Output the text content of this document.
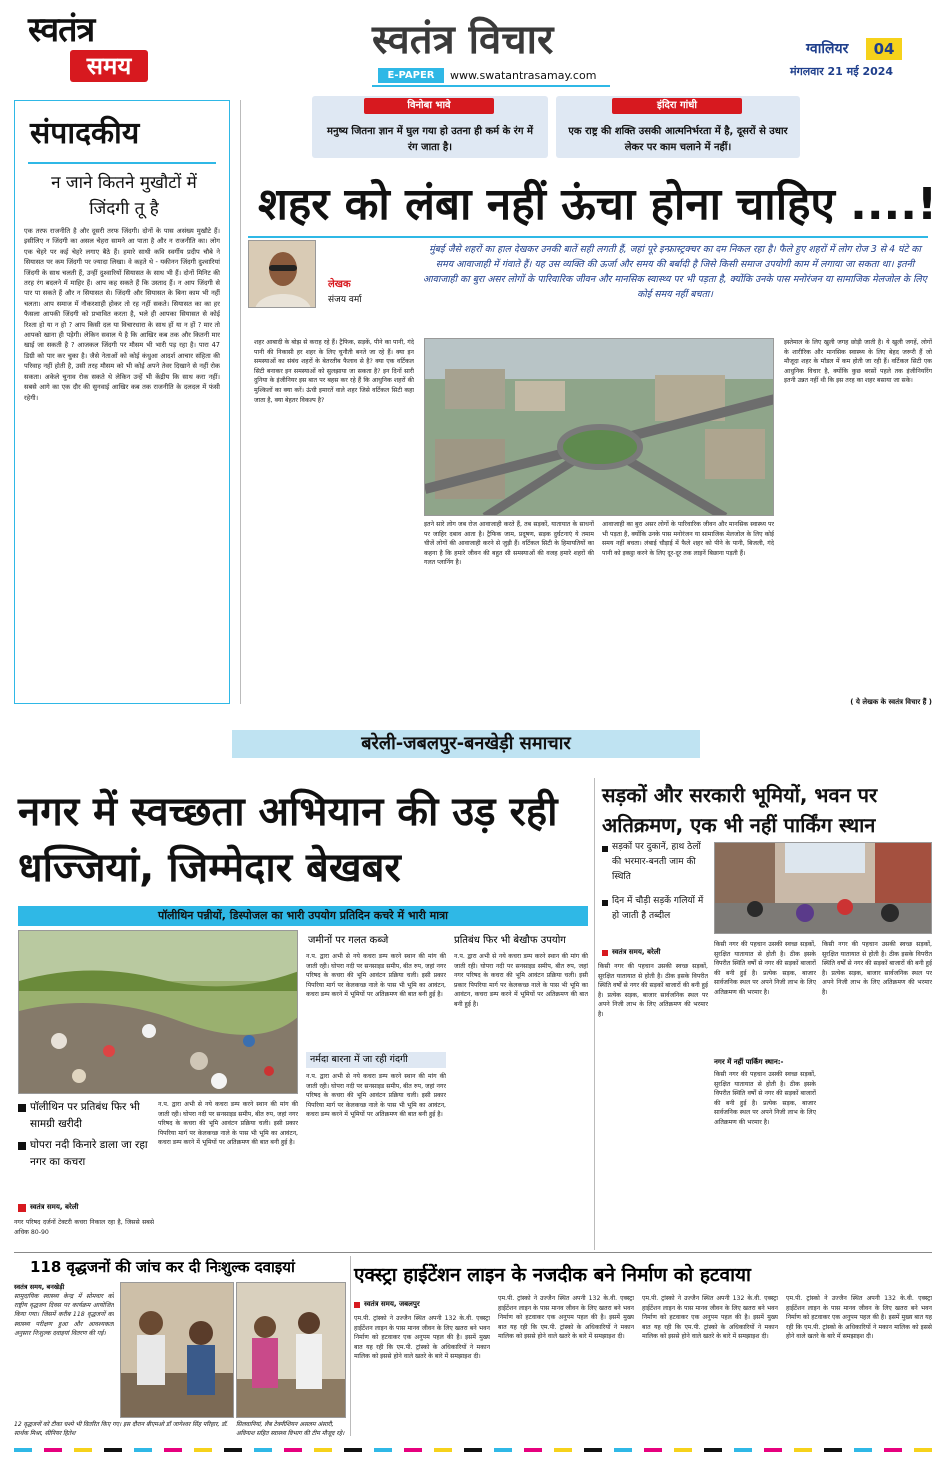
स्वतंत्र
समय
स्वतंत्र विचार
E-PAPER	www.swatantrasamay.com
ग्वालियर	04
मंगलवार 21 मई 2024
विनोबा भावे
मनुष्य जितना ज्ञान में घुल गया हो उतना ही कर्म के रंग में रंग जाता है।
इंदिरा गांधी
एक राष्ट्र की शक्ति उसकी आत्मनिर्भरता में है, दूसरों से उधार लेकर पर काम चलाने में नहीं।
संपादकीय
न जाने कितने मुखौटों में जिंदगी तू है
एक तरफ राजनीति है और दूसरी तरफ जिंदगी। दोनों के पास असंख्य मुखौटे हैं। इसीलिए न जिंदगी का असल चेहरा सामने आ पाता है और न राजनीति का। लोग एक चेहरे पर कई चेहरे लगाए बैठे हैं। हमारे साथी कवि स्वर्गीय प्रदीप चौबे ने सियासत पर कम जिंदगी पर ज्यादा लिखा। वे कहते थे - यकीनन जिंदगी दुश्वारियां जिंदगी के साथ चलती हैं, उन्हीं दुश्वारियों सियासत के साथ भी हैं। दोनों मिनिट की तरह रंग बदलने में माहिर हैं। आप कह सकते हैं कि उस्ताद हैं। न आप जिंदगी से पार पा सकते हैं और न सियासत से। जिंदगी और सियासत के बिना काम भी नहीं चलता। आप समाज में नौकरशाही होकर तो रह नहीं सकते। सियासत का का हर फैसला आपकी जिंदगी को प्रभावित करता है, भले ही आपका सियासत से कोई रिश्ता हो या न हो ? आप किसी दल या विचारधारा के साथ हों या न हों ? मार तो आपको खाना ही पड़ेगी। लेकिन सवाल ये है कि आखिर कब तक और कितनी मार खाई जा सकती है ? आजकल जिंदगी पर मौसम भी भारी पड़ रहा है। पारा 47 डिग्री को पार कर चुका है। जैसे नेताओं को कोई कंधुआ आदर्श आचार संहिता की परिवाह नहीं होती है, उसी तरह मौसम को भी कोई अपने तेवर दिखाने से नहीं रोक सकता। अकेले चुनाव रोक सकते थे लेकिन उन्हें भी केंद्रीय कि साथ करा नहीं। सबसे आगे का एक दौर की सुनवाई आखिर कब तक राजनीति के दलदल में फंसी रहेगी।
शहर को लंबा नहीं ऊंचा होना चाहिए ....!
लेखक
संजय वर्मा
मुंबई जैसे शहरों का हाल देखकर उनकी बातें सही लगती हैं, जहां पूरे इन्फ्रास्ट्रक्चर का दम निकल रहा है। फैले हुए शहरों में लोग रोज 3 से 4 घंटे का समय आवाजाही में गंवाते हैं। यह उस व्यक्ति की ऊर्जा और समय की बर्बादी है जिसे किसी समाज उपयोगी काम में लगाया जा सकता था। इतनी आवाजाही का बुरा असर लोगों के पारिवारिक जीवन और मानसिक स्वास्थ्य पर भी पड़ता है, क्योंकि उनके पास मनोरंजन या सामाजिक मेलजोल के लिए कोई समय नहीं बचता।
शहर आबादी के बोझ से कराह रहे हैं। ट्रैफिक, सड़कें, पीने का पानी, गंदे पानी की निकासी हर शहर के लिए चुनौती बनते जा रहे हैं। क्या इन समस्याओं का संबंध शहरों के बेतरतीब फैलाव से है? क्या एक वर्टिकल सिटी बनाकर इन समस्याओं को सुलझाया जा सकता है? इन दिनों सारी दुनिया के इंजीनियर इस बात पर बहस कर रहे हैं कि आधुनिक शहरों की मुश्किलों का क्या करें। ऊंची इमारतें वाले शहर जिसे वर्टिकल सिटी कहा जाता है, क्या बेहतर विकल्प है?
इतने सारे लोग जब रोज आवाजाही करते हैं, तब सड़कों, यातायात के साधनों पर जाहिर दबाव आता है। ट्रैफिक जाम, प्रदूषण, सड़क दुर्घटनाएं ये तमाम चीजें लोगों की आवाजाही करने से जुड़ी हैं। वर्टिकल सिटी के हिमायतियों का कहना है कि हमारे जीवन की बहुत सी समस्याओं की वजह हमारे शहरों की गलत प्लानिंग है।
आवाजाही का बुरा असर लोगों के पारिवारिक जीवन और मानसिक स्वास्थ्य पर भी पड़ता है, क्योंकि उनके पास मनोरंजन या सामाजिक मेलजोल के लिए कोई समय नहीं बचता। लंबाई चौड़ाई में फैले शहर को पीने के पानी, बिजली, गंदे पानी को इकट्ठा करने के लिए दूर-दूर तक लाइनें बिछाना पड़ती हैं।
इस्तेमाल के लिए खुली जगह छोड़ी जाती है। ये खुली जगहें, लोगों के शारीरिक और मानसिक स्वास्थ्य के लिए बेहद जरूरी हैं जो मौजूदा शहर के मॉडल में कम होती जा रही हैं। वर्टिकल सिटी एक आधुनिक विचार है, क्योंकि कुछ बरसों पहले तक इंजीनियरिंग इतनी उन्नत नहीं थी कि इस तरह का शहर बसाया जा सके।
( ये लेखक के स्वतंत्र विचार हैं )
बरेली-जबलपुर-बनखेड़ी समाचार
नगर में स्वच्छता अभियान की उड़ रही धज्जियां, जिम्मेदार बेखबर
पॉलीथिन पन्नीयों, डिस्पोजल का भारी उपयोग प्रतिदिन कचरे में भारी मात्रा
पॉलीथिन पर प्रतिबंध फिर भी सामग्री खरीदी
घोपरा नदी किनारे डाला जा रहा नगर का कचरा
स्वतंत्र समय, बरेली
नगर परिषद दर्जनों टेक्टरी कचरा निकाल रहा है, जिससे सबसे अधिक 80-90
न.प. द्वारा अभी से नये कचरा डम्प करने स्थान की मांग की जाती रही। घोपरा नदी पर सनसाइड समीप, बीत रुप, जहां नगर परिषद के कचरा की भूमि आवंटन प्रक्रिया चली। इसी प्रकार पिपरिया मार्ग पर केलकच्छ नाले के पास भी भूमि का आवंटन, कचरा डम्प करने में भूमियों पर अतिक्रमण की बात बनी हुई है।
जमीनों पर गलत कब्जे
न.प. द्वारा अभी से नये कचरा डम्प करने स्थान की मांग की जाती रही। घोपरा नदी पर सनसाइड समीप, बीत रुप, जहां नगर परिषद के कचरा की भूमि आवंटन प्रक्रिया चली। इसी प्रकार पिपरिया मार्ग पर केलकच्छ नाले के पास भी भूमि का आवंटन, कचरा डम्प करने में भूमियों पर अतिक्रमण की बात बनी हुई है।
नर्मदा बारना में जा रही गंदगी
न.प. द्वारा अभी से नये कचरा डम्प करने स्थान की मांग की जाती रही। घोपरा नदी पर सनसाइड समीप, बीत रुप, जहां नगर परिषद के कचरा की भूमि आवंटन प्रक्रिया चली। इसी प्रकार पिपरिया मार्ग पर केलकच्छ नाले के पास भी भूमि का आवंटन, कचरा डम्प करने में भूमियों पर अतिक्रमण की बात बनी हुई है।
प्रतिबंध फिर भी बेखौफ उपयोग
न.प. द्वारा अभी से नये कचरा डम्प करने स्थान की मांग की जाती रही। घोपरा नदी पर सनसाइड समीप, बीत रुप, जहां नगर परिषद के कचरा की भूमि आवंटन प्रक्रिया चली। इसी प्रकार पिपरिया मार्ग पर केलकच्छ नाले के पास भी भूमि का आवंटन, कचरा डम्प करने में भूमियों पर अतिक्रमण की बात बनी हुई है।
सड़कों और सरकारी भूमियों, भवन पर अतिक्रमण, एक भी नहीं पार्किंग स्थान
सड़कों पर दुकानें, हाथ ठेलों की भरमार-बनती जाम की स्थिति
दिन में चौड़ी सड़कें गलियों में हो जाती है तब्दील
स्वतंत्र समय, बरेली
किसी नगर की पहचान उसकी स्वच्छ सड़कों, सुरक्षित यातायात से होती है। ठीक इसके विपरीत स्थिति वर्षों से नगर की सड़कों बाजारों की बनी हुई है। प्रत्येक सड़क, बाजार सार्वजनिक स्थल पर अपने निजी लाभ के लिए अतिक्रमण की भरमार है।
किसी नगर की पहचान उसकी स्वच्छ सड़कों, सुरक्षित यातायात से होती है। ठीक इसके विपरीत स्थिति वर्षों से नगर की सड़कों बाजारों की बनी हुई है। प्रत्येक सड़क, बाजार सार्वजनिक स्थल पर अपने निजी लाभ के लिए अतिक्रमण की भरमार है।
नगर में नहीं पार्किंग स्थान:-
किसी नगर की पहचान उसकी स्वच्छ सड़कों, सुरक्षित यातायात से होती है। ठीक इसके विपरीत स्थिति वर्षों से नगर की सड़कों बाजारों की बनी हुई है। प्रत्येक सड़क, बाजार सार्वजनिक स्थल पर अपने निजी लाभ के लिए अतिक्रमण की भरमार है।
किसी नगर की पहचान उसकी स्वच्छ सड़कों, सुरक्षित यातायात से होती है। ठीक इसके विपरीत स्थिति वर्षों से नगर की सड़कों बाजारों की बनी हुई है। प्रत्येक सड़क, बाजार सार्वजनिक स्थल पर अपने निजी लाभ के लिए अतिक्रमण की भरमार है।
118 वृद्धजनों की जांच कर दी निःशुल्क दवाइयां
स्वतंत्र समय, बनखेड़ी
सामुदायिक स्वास्थ्य केन्द्र में सोमवार को राष्ट्रीय वृद्धजन दिवस पर कार्यक्रम आयोजित किया गया। जिसमें करीब 118 वृद्धजनों का स्वास्थ्य परीक्षण हुआ और आवश्यकता अनुसार निःशुल्क दवाइयां वितरण की गई।
12 वृद्धजनों को टीका चश्मे भी वितरित किए गए। इस दौरान बीएमओ डॉ जागेश्वर सिंह परिहार, डॉ. सार्थक मिश्रा, सीनियर हितेश
सिलवानियां, लैब टेक्नीशियन असलम अंसारी, अविनाश सहित स्वास्थ्य विभाग की टीम मौजूद रहे।
एक्स्ट्रा हाईटेंशन लाइन के नजदीक बने निर्माण को हटवाया
स्वतंत्र समय, जबलपुर
एम.पी. ट्रांस्को ने उज्जैन स्थित अपनी 132 के.वी. एक्स्ट्रा हाईटेंशन लाइन के पास मानव जीवन के लिए खतरा बने भवन निर्माण को हटवाकर एक अनुपम पहल की है। इसमें मुख्य बात यह रही कि एम.पी. ट्रांस्को के अधिकारियों ने मकान मालिक को इससे होने वाले खतरे के बारे में समझाइश दी।
एम.पी. ट्रांस्को ने उज्जैन स्थित अपनी 132 के.वी. एक्स्ट्रा हाईटेंशन लाइन के पास मानव जीवन के लिए खतरा बने भवन निर्माण को हटवाकर एक अनुपम पहल की है। इसमें मुख्य बात यह रही कि एम.पी. ट्रांस्को के अधिकारियों ने मकान मालिक को इससे होने वाले खतरे के बारे में समझाइश दी।
एम.पी. ट्रांस्को ने उज्जैन स्थित अपनी 132 के.वी. एक्स्ट्रा हाईटेंशन लाइन के पास मानव जीवन के लिए खतरा बने भवन निर्माण को हटवाकर एक अनुपम पहल की है। इसमें मुख्य बात यह रही कि एम.पी. ट्रांस्को के अधिकारियों ने मकान मालिक को इससे होने वाले खतरे के बारे में समझाइश दी।
एम.पी. ट्रांस्को ने उज्जैन स्थित अपनी 132 के.वी. एक्स्ट्रा हाईटेंशन लाइन के पास मानव जीवन के लिए खतरा बने भवन निर्माण को हटवाकर एक अनुपम पहल की है। इसमें मुख्य बात यह रही कि एम.पी. ट्रांस्को के अधिकारियों ने मकान मालिक को इससे होने वाले खतरे के बारे में समझाइश दी।
